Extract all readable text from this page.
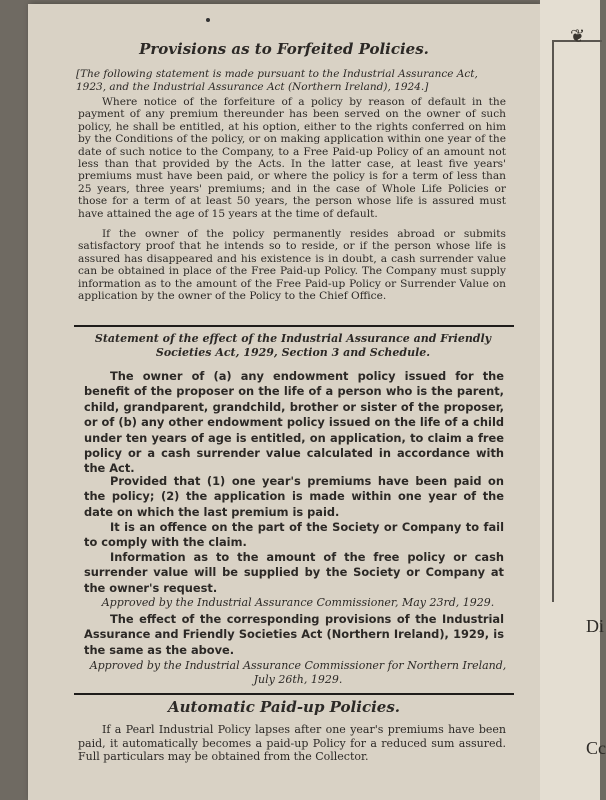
Provisions as to Forfeited Policies.
[The following statement is made pursuant to the Industrial Assurance Act, 1923, and the Industrial Assurance Act (Northern Ireland), 1924.]

Where notice of the forfeiture of a policy by reason of default in the payment of any premium thereunder has been served on the owner of such policy, he shall be entitled, at his option, either to the rights conferred on him by the Conditions of the policy, or on making application within one year of the date of such notice to the Company, to a Free Paid-up Policy of an amount not less than that provided by the Acts. In the latter case, at least five years' premiums must have been paid, or where the policy is for a term of less than 25 years, three years' premiums; and in the case of Whole Life Policies or those for a term of at least 50 years, the person whose life is assured must have attained the age of 15 years at the time of default.

If the owner of the policy permanently resides abroad or submits satisfactory proof that he intends so to reside, or if the person whose life is assured has disappeared and his existence is in doubt, a cash surrender value can be obtained in place of the Free Paid-up Policy. The Company must supply information as to the amount of the Free Paid-up Policy or Surrender Value on application by the owner of the Policy to the Chief Office.

Statement of the effect of the Industrial Assurance and Friendly Societies Act, 1929, Section 3 and Schedule.

The owner of (a) any endowment policy issued for the benefit of the proposer on the life of a person who is the parent, child, grandparent, grandchild, brother or sister of the proposer, or of (b) any other endowment policy issued on the life of a child under ten years of age is entitled, on application, to claim a free policy or a cash surrender value calculated in accordance with the Act.

Provided that (1) one year's premiums have been paid on the policy; (2) the application is made within one year of the date on which the last premium is paid.

It is an offence on the part of the Society or Company to fail to comply with the claim.

Information as to the amount of the free policy or cash surrender value will be supplied by the Society or Company at the owner's request.

Approved by the Industrial Assurance Commissioner, May 23rd, 1929.

The effect of the corresponding provisions of the Industrial Assurance and Friendly Societies Act (Northern Ireland), 1929, is the same as the above.

Approved by the Industrial Assurance Commissioner for Northern Ireland, July 26th, 1929.
Automatic Paid-up Policies.

If a Pearl Industrial Policy lapses after one year's premiums have been paid, it automatically becomes a paid-up Policy for a reduced sum assured. Full particulars may be obtained from the Collector.

❦
Di
Cc
